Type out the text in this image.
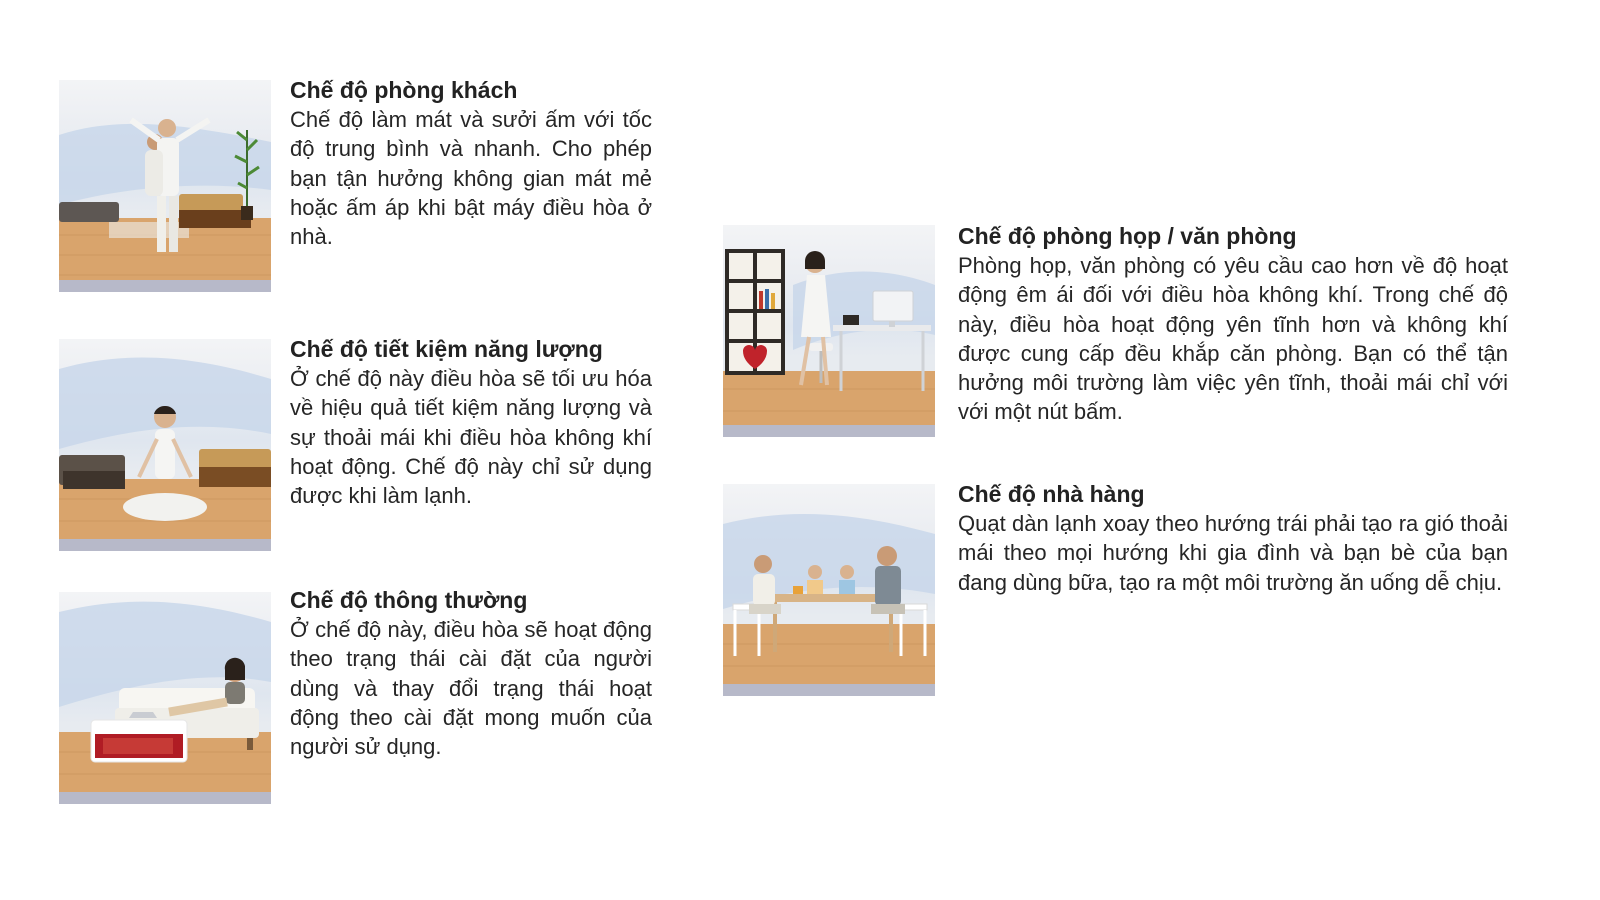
Chế độ phòng khách

Chế độ làm mát và sưởi ấm với tốc độ trung bình và nhanh. Cho phép bạn tận hưởng không gian mát mẻ hoặc ấm áp khi bật máy điều hòa ở nhà.

Chế độ tiết kiệm năng lượng

Ở chế độ này điều hòa sẽ tối ưu hóa về hiệu quả tiết kiệm năng lượng và sự thoải mái khi điều hòa không khí hoạt động. Chế độ này chỉ sử dụng được khi làm lạnh.

Chế độ thông thường

Ở chế độ này, điều hòa sẽ hoạt động theo trạng thái cài đặt của người dùng và thay đổi trạng thái hoạt động theo cài đặt mong muốn của người sử dụng.

Chế độ phòng họp / văn phòng

Phòng họp, văn phòng có yêu cầu cao hơn về độ hoạt động êm ái đối với điều hòa không khí. Trong chế độ này, điều hòa hoạt động yên tĩnh hơn và không khí được cung cấp đều khắp căn phòng. Bạn có thể tận hưởng môi trường làm việc yên tĩnh, thoải mái chỉ với với một nút bấm.

Chế độ nhà hàng

Quạt dàn lạnh xoay theo hướng trái phải tạo ra gió thoải mái theo mọi hướng khi gia đình và bạn bè của bạn đang dùng bữa, tạo ra một môi trường ăn uống dễ chịu.
